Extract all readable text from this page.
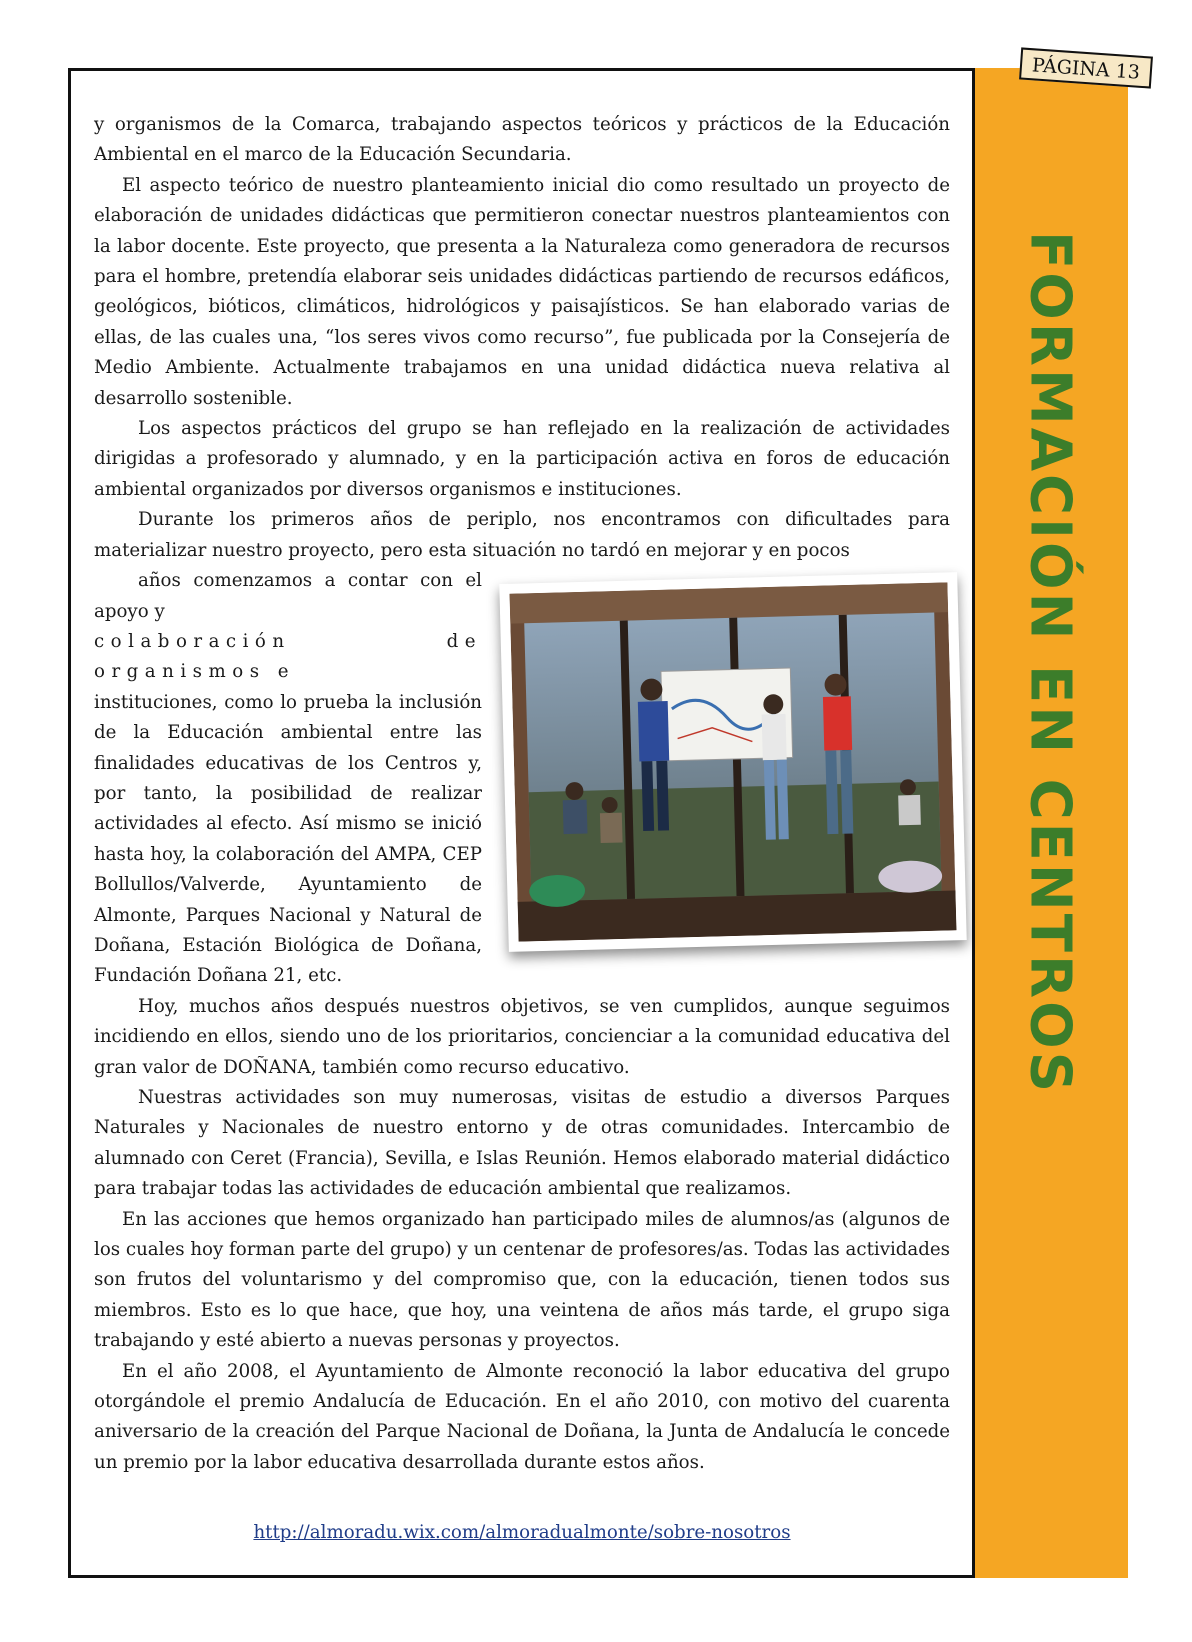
FORMACIÓN EN CENTROS
PÁGINA 13

y organismos de la Comarca, trabajando aspectos teóricos y prácticos de la Educación Ambiental en el marco de la Educación Secundaria.

El aspecto teórico de nuestro planteamiento inicial dio como resultado un proyecto de elaboración de unidades didácticas que permitieron conectar nuestros planteamientos con la labor docente. Este proyecto, que presenta a la Naturaleza como generadora de recursos para el hombre, pretendía elaborar seis unidades didácticas partiendo de recursos edáficos, geológicos, bióticos, climáticos, hidrológicos y paisajísticos. Se han elaborado varias de ellas, de las cuales una, “los seres vivos como recurso”, fue publicada por la Consejería de Medio Ambiente. Actualmente trabajamos en una unidad didáctica nueva relativa al desarrollo sostenible.

Los aspectos prácticos del grupo se han reflejado en la realización de actividades dirigidas a profesorado y alumnado, y en la participación activa en foros de educación ambiental organizados por diversos organismos e instituciones.

Durante los primeros años de periplo, nos encontramos con dificultades para materializar nuestro proyecto, pero esta situación no tardó en mejorar y en pocos

años comenzamos a contar con el apoyo y

colaboración de organismos e

instituciones, como lo prueba la inclusión de la Educación ambiental entre las finalidades educativas de los Centros y, por tanto, la posibilidad de realizar actividades al efecto. Así mismo se inició hasta hoy, la colaboración del AMPA, CEP Bollullos/Valverde, Ayuntamiento de Almonte, Parques Nacional y Natural de Doñana, Estación Biológica de Doñana, Fundación Doñana 21, etc.

Hoy, muchos años después nuestros objetivos, se ven cumplidos, aunque seguimos incidiendo en ellos, siendo uno de los prioritarios, concienciar a la comunidad educativa del gran valor de DOÑANA, también como recurso educativo.

Nuestras actividades son muy numerosas, visitas de estudio a diversos Parques Naturales y Nacionales de nuestro entorno y de otras comunidades. Intercambio de alumnado con Ceret (Francia), Sevilla, e Islas Reunión. Hemos elaborado material didáctico para trabajar todas las actividades de educación ambiental que realizamos.

En las acciones que hemos organizado han participado miles de alumnos/as (algunos de los cuales hoy forman parte del grupo) y un centenar de profesores/as. Todas las actividades son frutos del voluntarismo y del compromiso que, con la educación, tienen todos sus miembros. Esto es lo que hace, que hoy, una veintena de años más tarde, el grupo siga trabajando y esté abierto a nuevas personas y proyectos.

En el año 2008, el Ayuntamiento de Almonte reconoció la labor educativa del grupo otorgándole el premio Andalucía de Educación. En el año 2010, con motivo del cuarenta aniversario de la creación del Parque Nacional de Doñana, la Junta de Andalucía le concede un premio por la labor educativa desarrollada durante estos años.

http://almoradu.wix.com/almoradualmonte/sobre-nosotros
